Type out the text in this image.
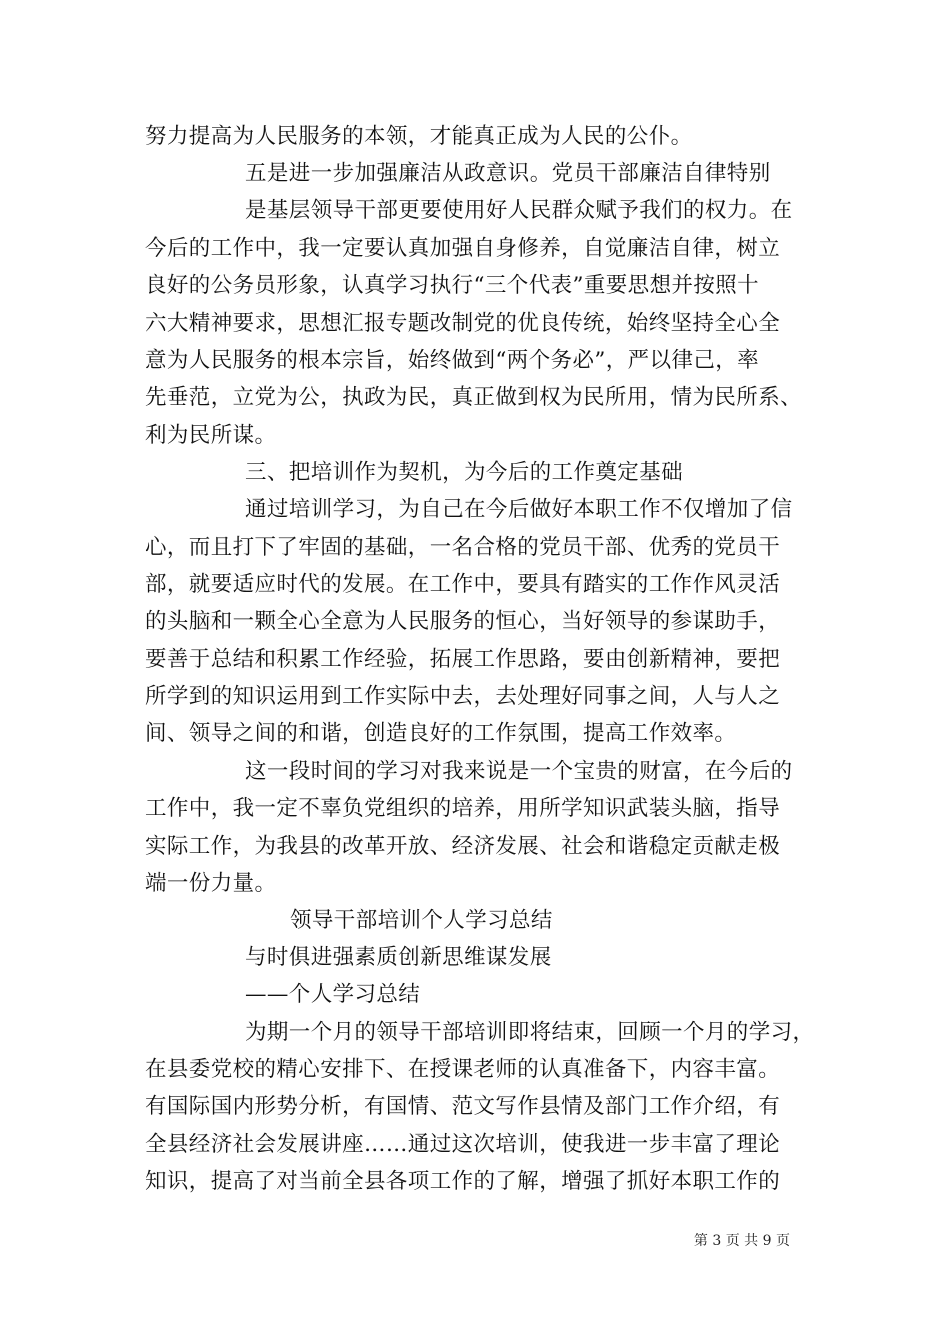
努力提高为人民服务的本领，才能真正成为人民的公仆。
五是进一步加强廉洁从政意识。党员干部廉洁自律特别
是基层领导干部更要使用好人民群众赋予我们的权力。在
今后的工作中，我一定要认真加强自身修养，自觉廉洁自律，树立
良好的公务员形象，认真学习执行“三个代表”重要思想并按照十
六大精神要求，思想汇报专题改制党的优良传统，始终坚持全心全
意为人民服务的根本宗旨，始终做到“两个务必”，严以律己，率
先垂范，立党为公，执政为民，真正做到权为民所用，情为民所系、
利为民所谋。
三、把培训作为契机，为今后的工作奠定基础
通过培训学习，为自己在今后做好本职工作不仅增加了信
心，而且打下了牢固的基础，一名合格的党员干部、优秀的党员干
部，就要适应时代的发展。在工作中，要具有踏实的工作作风灵活
的头脑和一颗全心全意为人民服务的恒心，当好领导的参谋助手，
要善于总结和积累工作经验，拓展工作思路，要由创新精神，要把
所学到的知识运用到工作实际中去，去处理好同事之间，人与人之
间、领导之间的和谐，创造良好的工作氛围，提高工作效率。
这一段时间的学习对我来说是一个宝贵的财富，在今后的
工作中，我一定不辜负党组织的培养，用所学知识武装头脑，指导
实际工作，为我县的改革开放、经济发展、社会和谐稳定贡献走极
端一份力量。
领导干部培训个人学习总结
与时俱进强素质创新思维谋发展
——个人学习总结
为期一个月的领导干部培训即将结束，回顾一个月的学习，
在县委党校的精心安排下、在授课老师的认真准备下，内容丰富。
有国际国内形势分析，有国情、范文写作县情及部门工作介绍，有
全县经济社会发展讲座……通过这次培训，使我进一步丰富了理论
知识，提高了对当前全县各项工作的了解，增强了抓好本职工作的
第 3 页 共 9 页
